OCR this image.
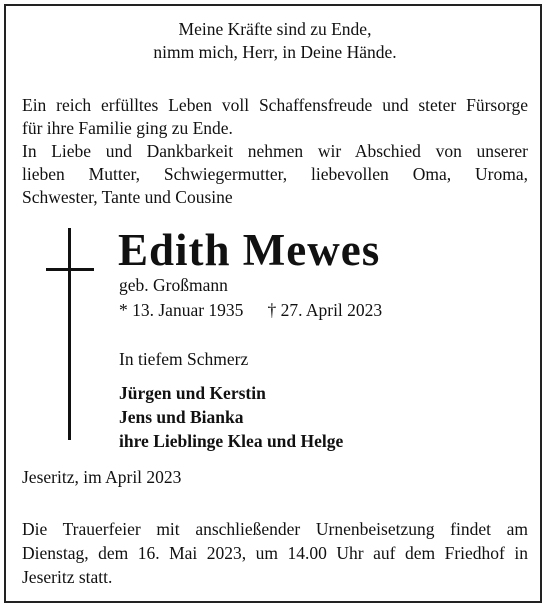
Meine Kräfte sind zu Ende,
nimm mich, Herr, in Deine Hände.

Ein reich erfülltes Leben voll Schaffensfreude und steter Fürsorge

für ihre Familie ging zu Ende.

In Liebe und Dankbarkeit nehmen wir Abschied von unserer

lieben Mutter, Schwiegermutter, liebevollen Oma, Uroma,

Schwester, Tante und Cousine

Edith Mewes
geb. Großmann
* 13. Januar 1935 † 27. April 2023
In tiefem Schmerz
Jürgen und Kerstin
Jens und Bianka
ihre Lieblinge Klea und Helge
Jeseritz, im April 2023
Die Trauerfeier mit anschließender Urnenbeisetzung findet am
Dienstag, dem 16. Mai 2023, um 14.00 Uhr auf dem Friedhof in
Jeseritz statt.
